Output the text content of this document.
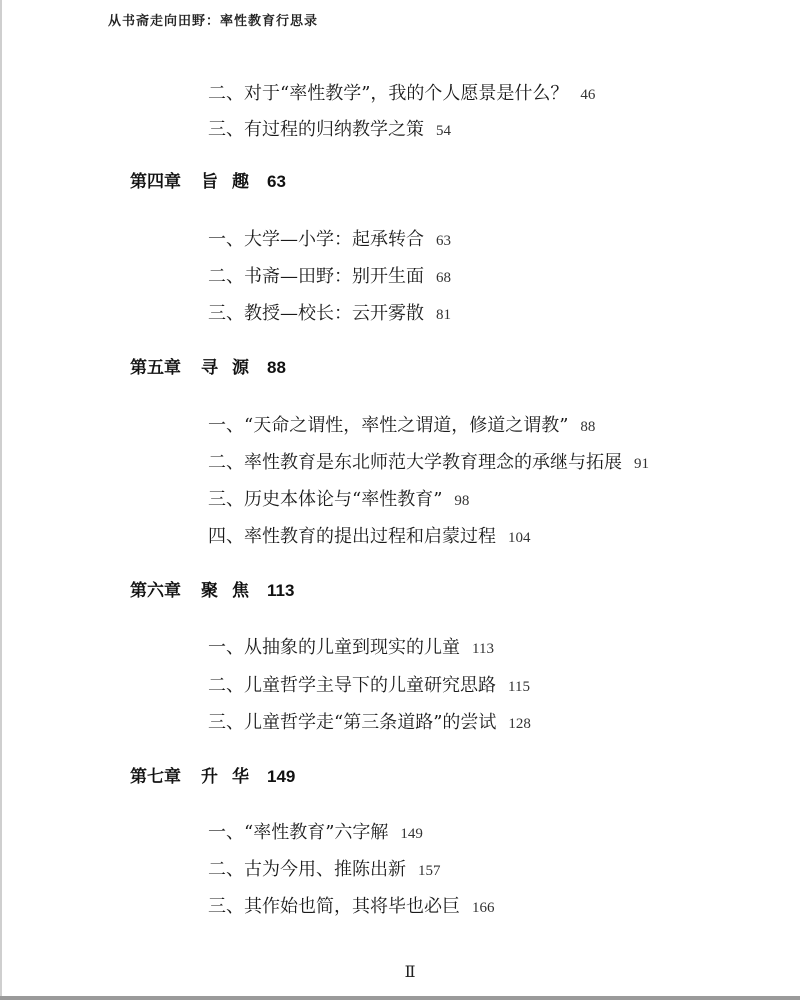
从书斋走向田野：率性教育行思录
二、对于“率性教学”，我的个人愿景是什么？ 46
三、有过程的归纳教学之策 54
第四章 旨趣 63
一、大学—小学：起承转合 63
二、书斋—田野：别开生面 68
三、教授—校长：云开雾散 81
第五章 寻源 88
一、“天命之谓性，率性之谓道，修道之谓教” 88
二、率性教育是东北师范大学教育理念的承继与拓展 91
三、历史本体论与“率性教育” 98
四、率性教育的提出过程和启蒙过程 104
第六章 聚焦 113
一、从抽象的儿童到现实的儿童 113
二、儿童哲学主导下的儿童研究思路 115
三、儿童哲学走“第三条道路”的尝试 128
第七章 升华 149
一、“率性教育”六字解 149
二、古为今用、推陈出新 157
三、其作始也简，其将毕也必巨 166
Ⅱ
